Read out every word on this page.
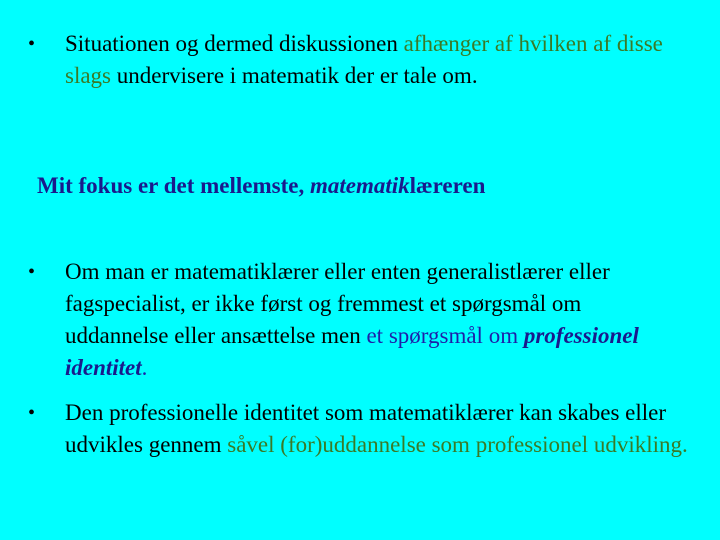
• Situationen og dermed diskussionen afhænger af hvilken af disse slags undervisere i matematik der er tale om.
Mit fokus er det mellemste, matematiklæreren
• Om man er matematiklærer eller enten generalistlærer eller fagspecialist, er ikke først og fremmest et spørgsmål om uddannelse eller ansættelse men et spørgsmål om professionel identitet.
• Den professionelle identitet som matematiklærer kan skabes eller udvikles gennem såvel (for)uddannelse som professionel udvikling.
